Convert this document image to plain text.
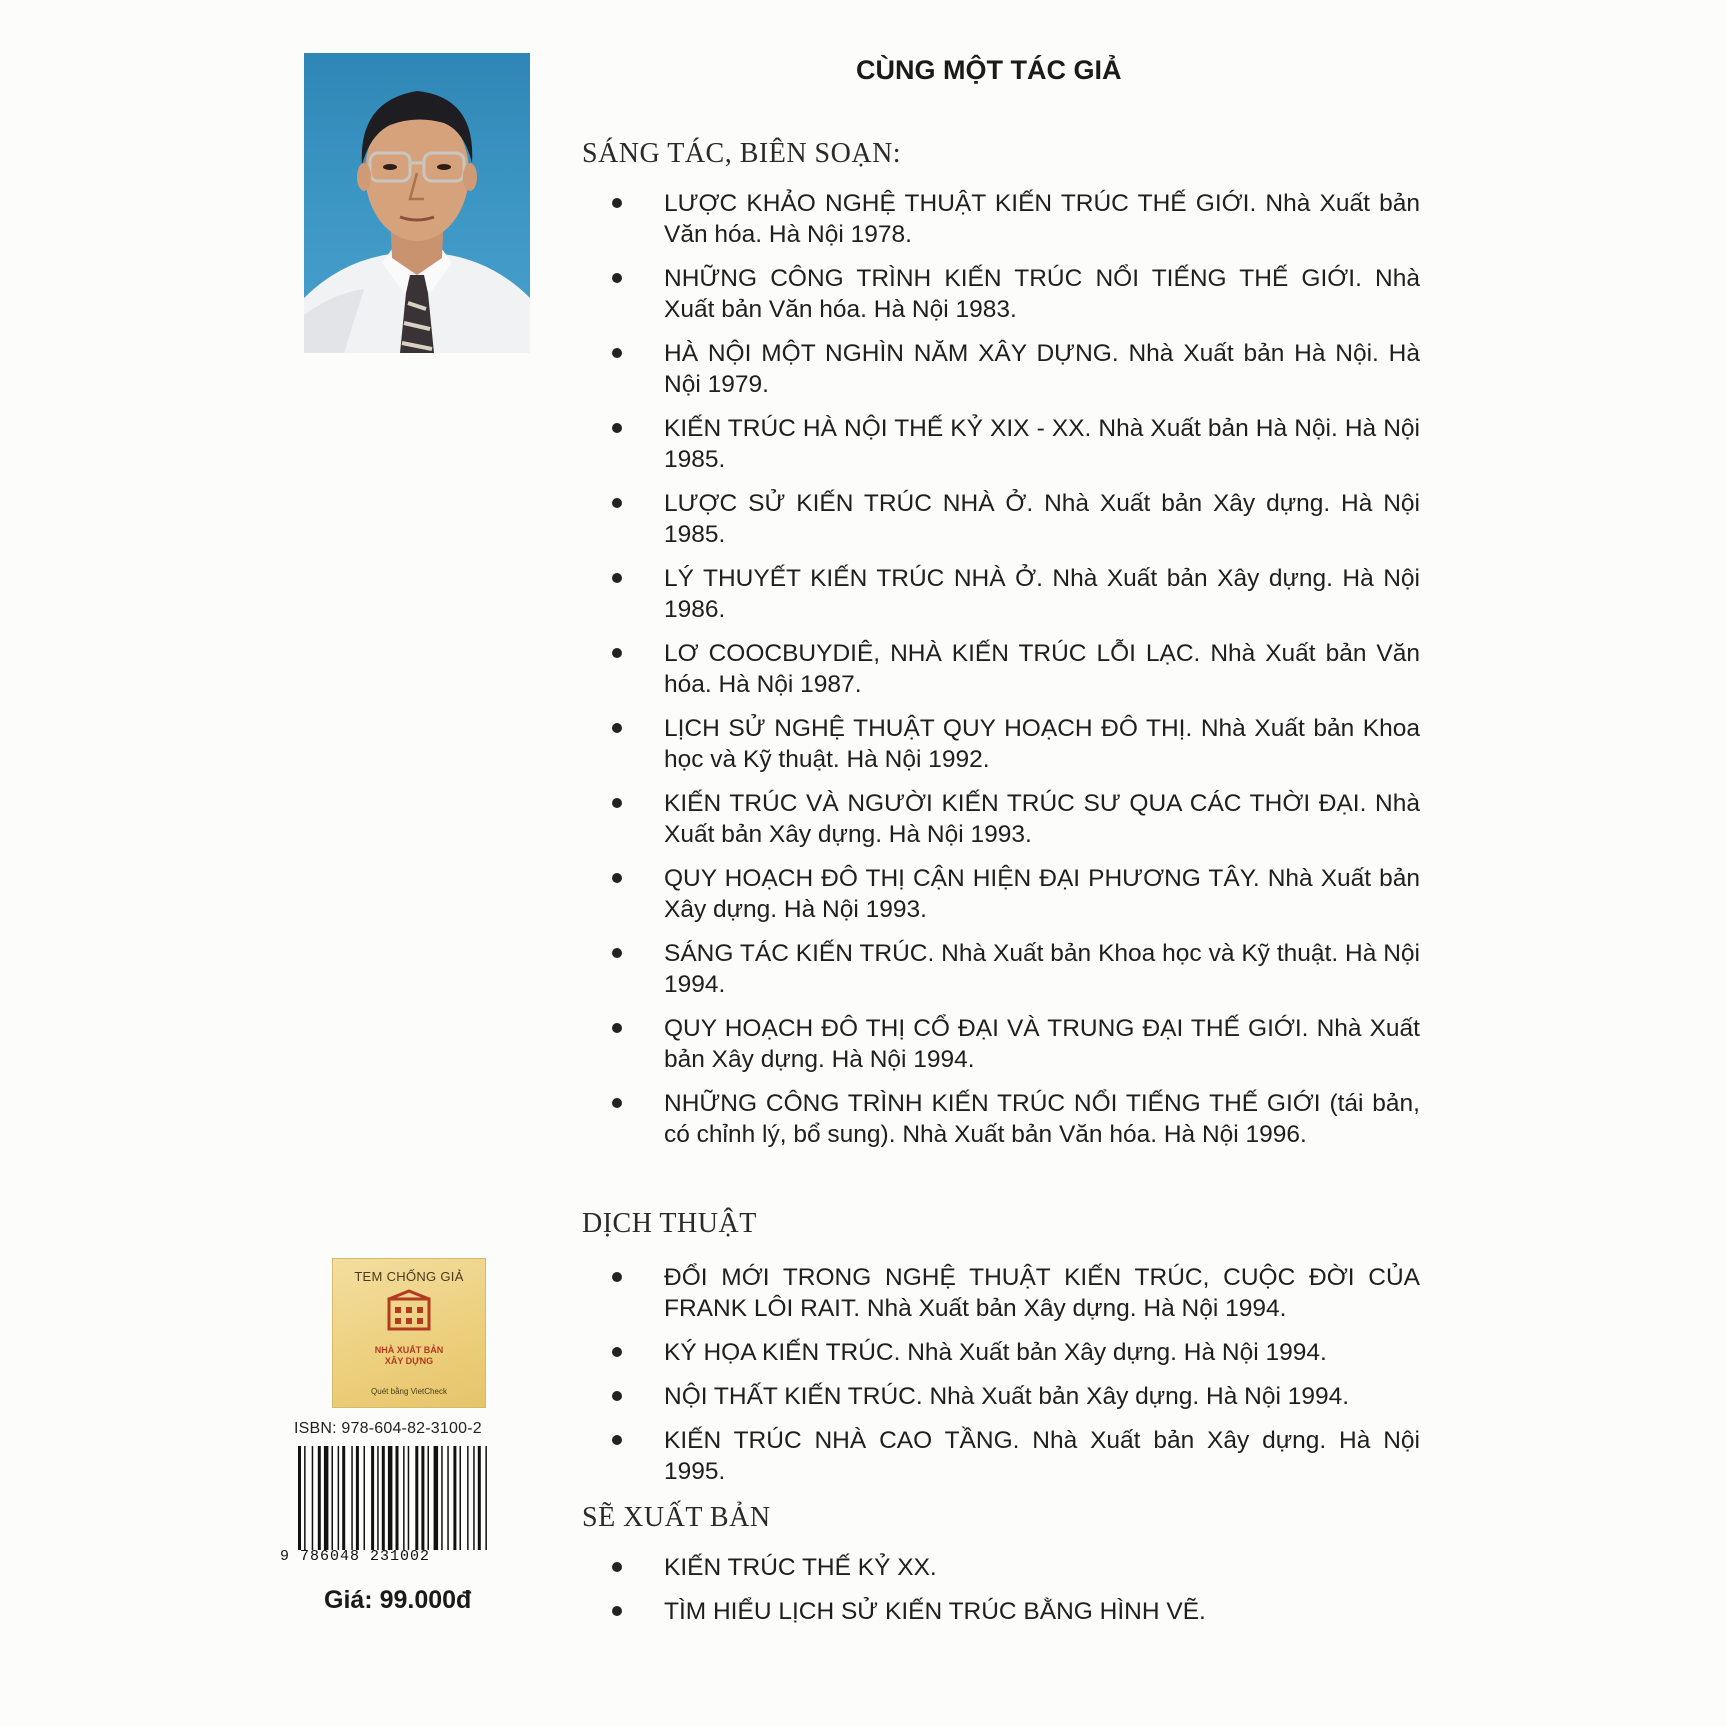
CÙNG MỘT TÁC GIẢ
SÁNG TÁC, BIÊN SOẠN:
LƯỢC KHẢO NGHỆ THUẬT KIẾN TRÚC THẾ GIỚI. Nhà Xuất bản Văn hóa. Hà Nội 1978.
NHỮNG CÔNG TRÌNH KIẾN TRÚC NỔI TIẾNG THẾ GIỚI. Nhà Xuất bản Văn hóa. Hà Nội 1983.
HÀ NỘI MỘT NGHÌN NĂM XÂY DỰNG. Nhà Xuất bản Hà Nội. Hà Nội 1979.
KIẾN TRÚC HÀ NỘI THẾ KỶ XIX - XX. Nhà Xuất bản Hà Nội. Hà Nội 1985.
LƯỢC SỬ KIẾN TRÚC NHÀ Ở. Nhà Xuất bản Xây dựng. Hà Nội 1985.
LÝ THUYẾT KIẾN TRÚC NHÀ Ở. Nhà Xuất bản Xây dựng. Hà Nội 1986.
LƠ COOCBUYDIÊ, NHÀ KIẾN TRÚC LỖI LẠC. Nhà Xuất bản Văn hóa. Hà Nội 1987.
LỊCH SỬ NGHỆ THUẬT QUY HOẠCH ĐÔ THỊ. Nhà Xuất bản Khoa học và Kỹ thuật. Hà Nội 1992.
KIẾN TRÚC VÀ NGƯỜI KIẾN TRÚC SƯ QUA CÁC THỜI ĐẠI. Nhà Xuất bản Xây dựng. Hà Nội 1993.
QUY HOẠCH ĐÔ THỊ CẬN HIỆN ĐẠI PHƯƠNG TÂY. Nhà Xuất bản Xây dựng. Hà Nội 1993.
SÁNG TÁC KIẾN TRÚC. Nhà Xuất bản Khoa học và Kỹ thuật. Hà Nội 1994.
QUY HOẠCH ĐÔ THỊ CỔ ĐẠI VÀ TRUNG ĐẠI THẾ GIỚI. Nhà Xuất bản Xây dựng. Hà Nội 1994.
NHỮNG CÔNG TRÌNH KIẾN TRÚC NỔI TIẾNG THẾ GIỚI (tái bản, có chỉnh lý, bổ sung). Nhà Xuất bản Văn hóa. Hà Nội 1996.
DỊCH THUẬT
ĐỔI MỚI TRONG NGHỆ THUẬT KIẾN TRÚC, CUỘC ĐỜI CỦA FRANK LÔI RAIT. Nhà Xuất bản Xây dựng. Hà Nội 1994.
KÝ HỌA KIẾN TRÚC. Nhà Xuất bản Xây dựng. Hà Nội 1994.
NỘI THẤT KIẾN TRÚC. Nhà Xuất bản Xây dựng. Hà Nội 1994.
KIẾN TRÚC NHÀ CAO TẦNG. Nhà Xuất bản Xây dựng. Hà Nội 1995.
SẼ XUẤT BẢN
KIẾN TRÚC THẾ KỶ XX.
TÌM HIỂU LỊCH SỬ KIẾN TRÚC BẰNG HÌNH VẼ.
TEM CHỐNG GIẢ
NHÀ XUẤT BẢN
XÂY DỰNG
Quét bằng VietCheck
ISBN: 978-604-82-3100-2
9 786048 231002
Giá: 99.000đ
